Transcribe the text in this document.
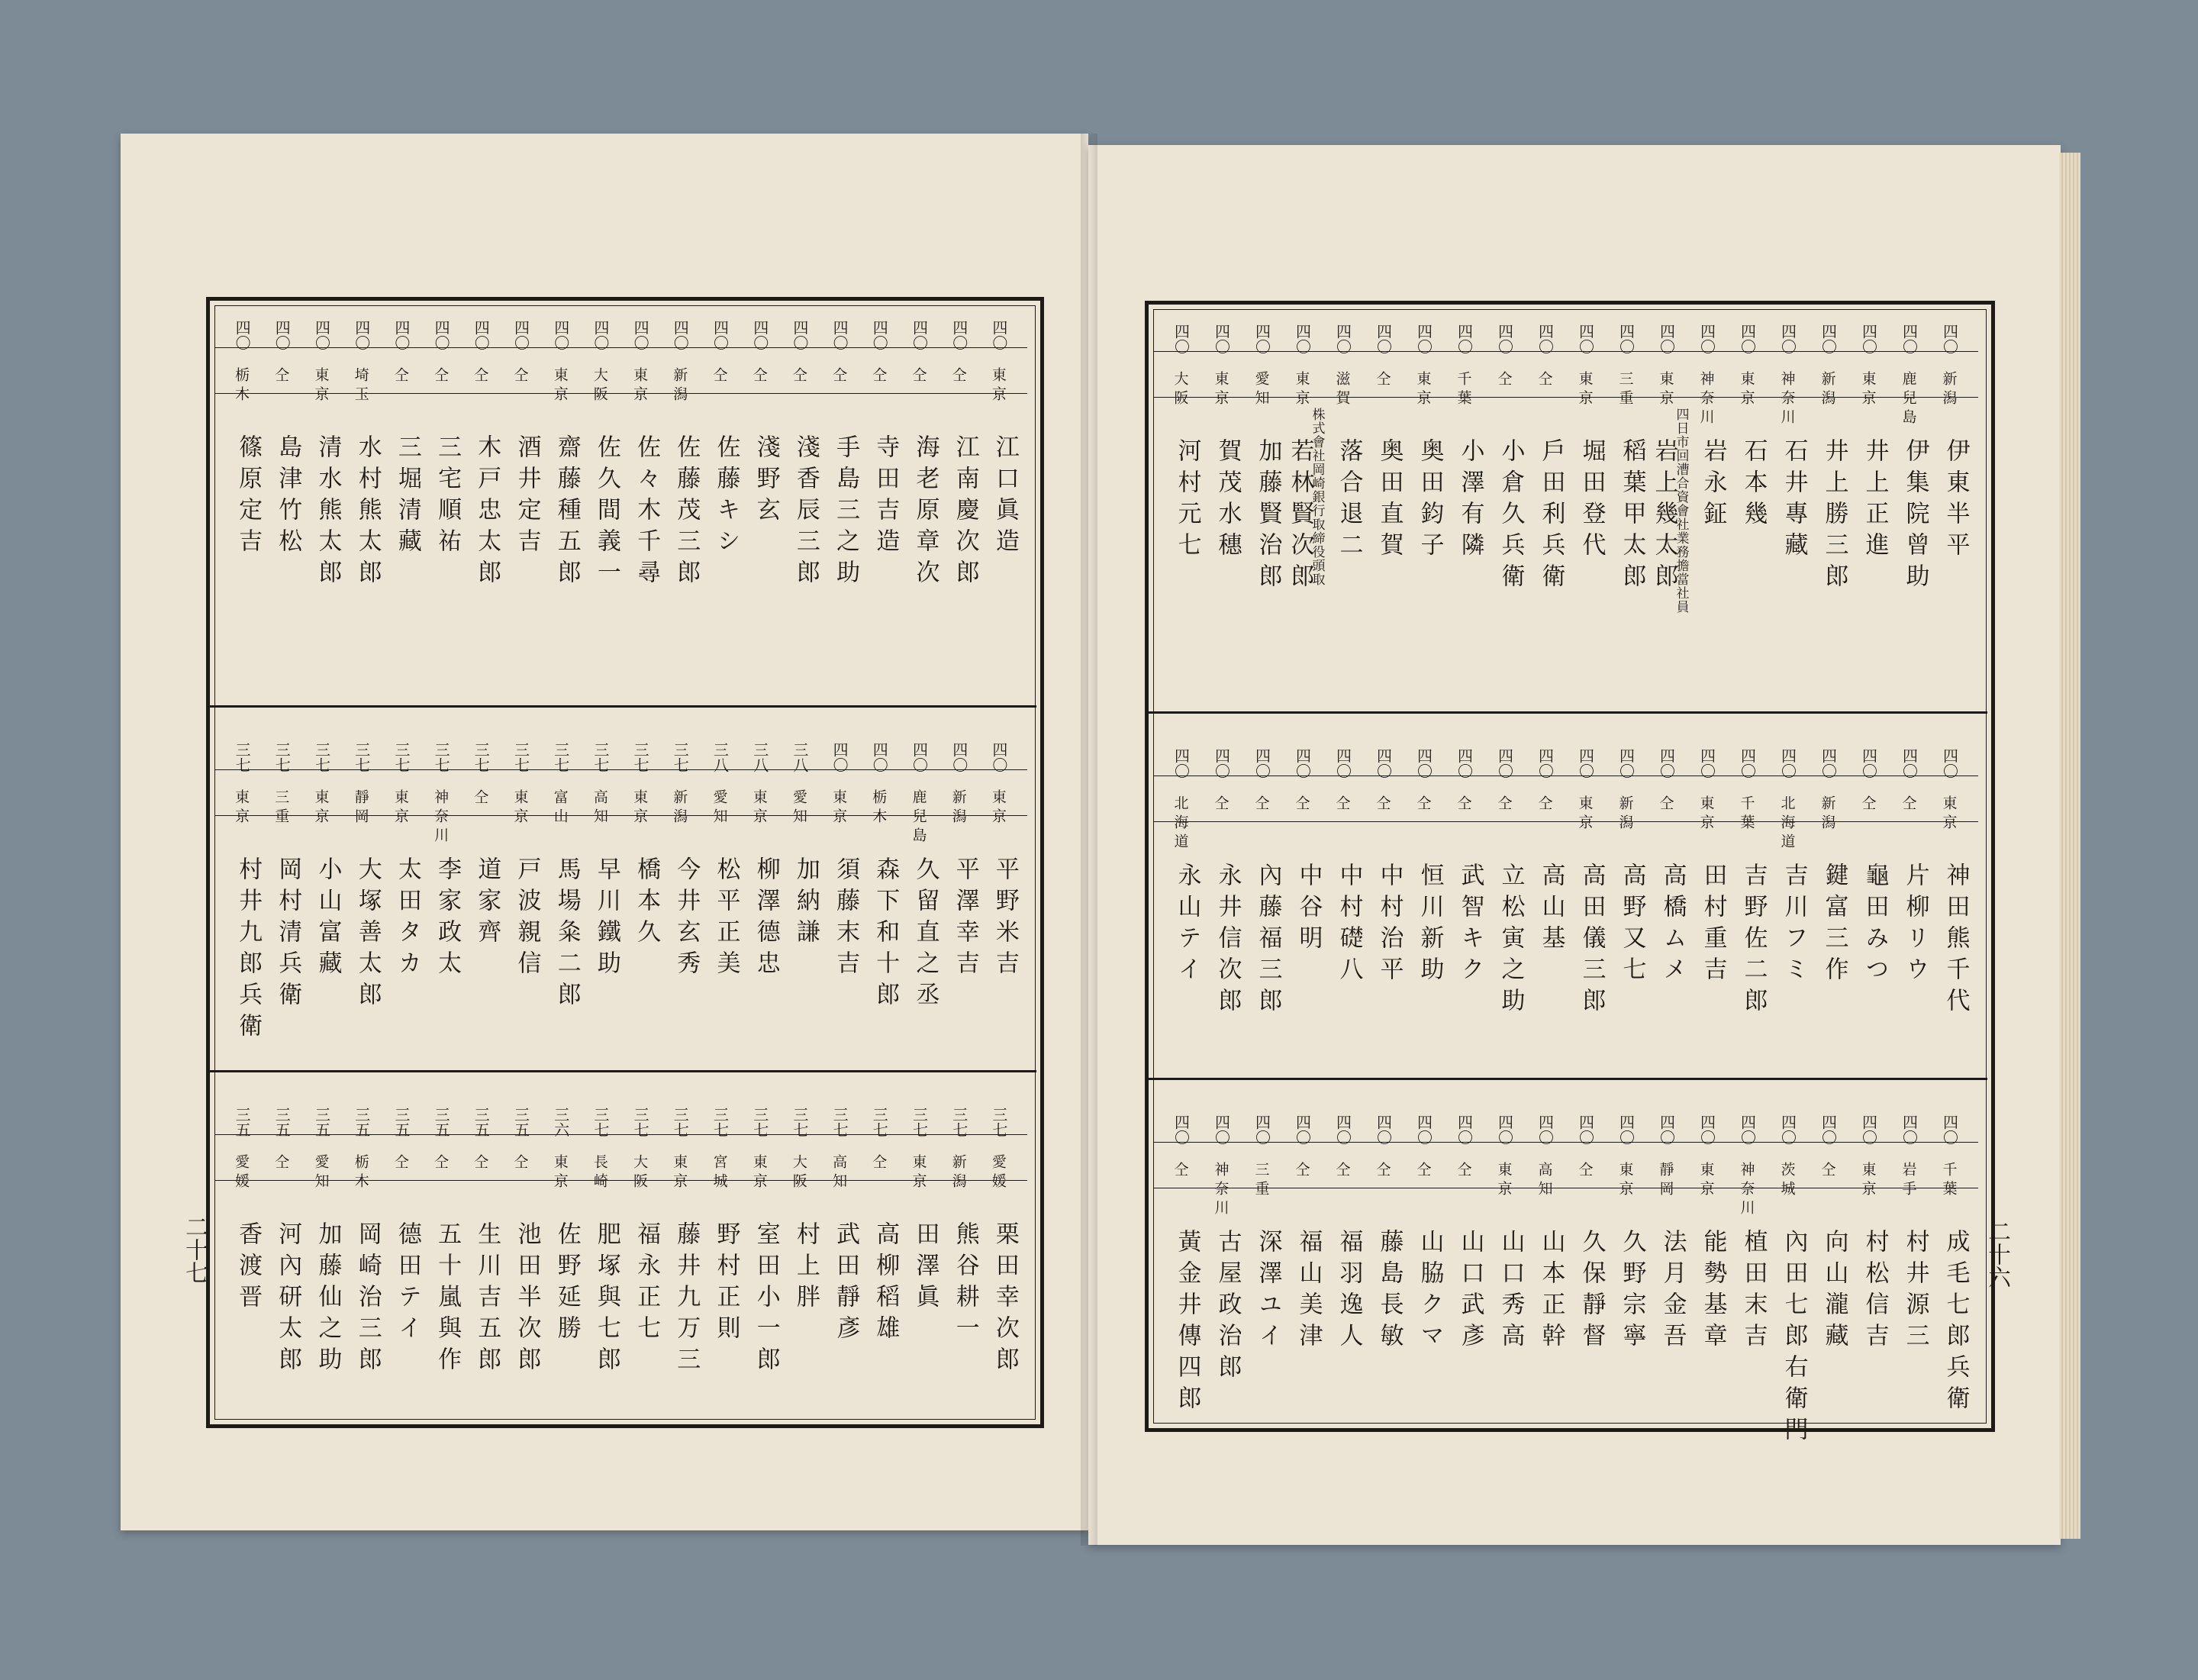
二十七	二十六
四〇
東京
江口眞造
四〇
仝
江南慶次郎
四〇
仝
海老原章次
四〇
仝
寺田吉造
四〇
仝
手島三之助
四〇
仝
淺香辰三郎
四〇
仝
淺野玄
四〇
仝
佐藤キシ
四〇
新潟
佐藤茂三郎
四〇
東京
佐々木千尋
四〇
大阪
佐久間義一
四〇
東京
齋藤種五郎
四〇
仝
酒井定吉
四〇
仝
木戸忠太郎
四〇
仝
三宅順祐
四〇
仝
三堀清藏
四〇
埼玉
水村熊太郎
四〇
東京
清水熊太郎
四〇
仝
島津竹松
四〇
栃木
篠原定吉
四〇
東京
平野米吉
四〇
新潟
平澤幸吉
四〇
鹿兒島
久留直之丞
四〇
栃木
森下和十郎
四〇
東京
須藤末吉
三八
愛知
加納謙
三八
東京
柳澤德忠
三八
愛知
松平正美
三七
新潟
今井玄秀
三七
東京
橋本久
三七
高知
早川鐵助
三七
富山
馬場粂二郎
三七
東京
戸波親信
三七
仝
道家齊
三七
神奈川
李家政太
三七
東京
太田タカ
三七
靜岡
大塚善太郎
三七
東京
小山富藏
三七
三重
岡村清兵衛
三七
東京
村井九郎兵衛
三七
愛媛
栗田幸次郎
三七
新潟
熊谷耕一
三七
東京
田澤眞
三七
仝
高柳稻雄
三七
高知
武田靜彥
三七
大阪
村上胖
三七
東京
室田小一郎
三七
宮城
野村正則
三七
東京
藤井九万三
三七
大阪
福永正七
三七
長崎
肥塚與七郎
三六
東京
佐野延勝
三五
仝
池田半次郎
三五
仝
生川吉五郎
三五
仝
五十嵐與作
三五
仝
德田テイ
三五
栃木
岡崎治三郎
三五
愛知
加藤仙之助
三五
仝
河內研太郎
三五
愛媛
香渡晋
四〇
新潟
伊東半平
四〇
鹿兒島
伊集院曾助
四〇
東京
井上正進
四〇
新潟
井上勝三郎
四〇
神奈川
石井專藏
四〇
東京
石本幾
四〇
神奈川
岩永鉦
四〇
東京
四日市回漕合資會社業務擔當社員
岩上幾太郎
四〇
三重
稻葉甲太郎
四〇
東京
堀田登代
四〇
仝
戶田利兵衛
四〇
仝
小倉久兵衛
四〇
千葉
小澤有隣
四〇
東京
奥田鈞子
四〇
仝
奥田直賀
四〇
滋賀
落合退二
四〇
東京
株式會社岡崎銀行取締役頭取
若林賢次郎
四〇
愛知
加藤賢治郎
四〇
東京
賀茂水穗
四〇
大阪
河村元七
四〇
東京
神田熊千代
四〇
仝
片柳リウ
四〇
仝
龜田みつ
四〇
新潟
鍵富三作
四〇
北海道
吉川フミ
四〇
千葉
吉野佐二郎
四〇
東京
田村重吉
四〇
仝
高橋ムメ
四〇
新潟
高野又七
四〇
東京
高田儀三郎
四〇
仝
高山基
四〇
仝
立松寅之助
四〇
仝
武智キク
四〇
仝
恒川新助
四〇
仝
中村治平
四〇
仝
中村礎八
四〇
仝
中谷明
四〇
仝
內藤福三郎
四〇
仝
永井信次郎
四〇
北海道
永山テイ
四〇
千葉
成毛七郎兵衛
四〇
岩手
村井源三
四〇
東京
村松信吉
四〇
仝
向山瀧藏
四〇
茨城
內田七郎右衛門
四〇
神奈川
植田末吉
四〇
東京
能勢基章
四〇
靜岡
法月金吾
四〇
東京
久野宗寧
四〇
仝
久保靜督
四〇
高知
山本正幹
四〇
東京
山口秀高
四〇
仝
山口武彥
四〇
仝
山脇クマ
四〇
仝
藤島長敏
四〇
仝
福羽逸人
四〇
仝
福山美津
四〇
三重
深澤ユイ
四〇
神奈川
古屋政治郎
四〇
仝
黃金井傳四郎
